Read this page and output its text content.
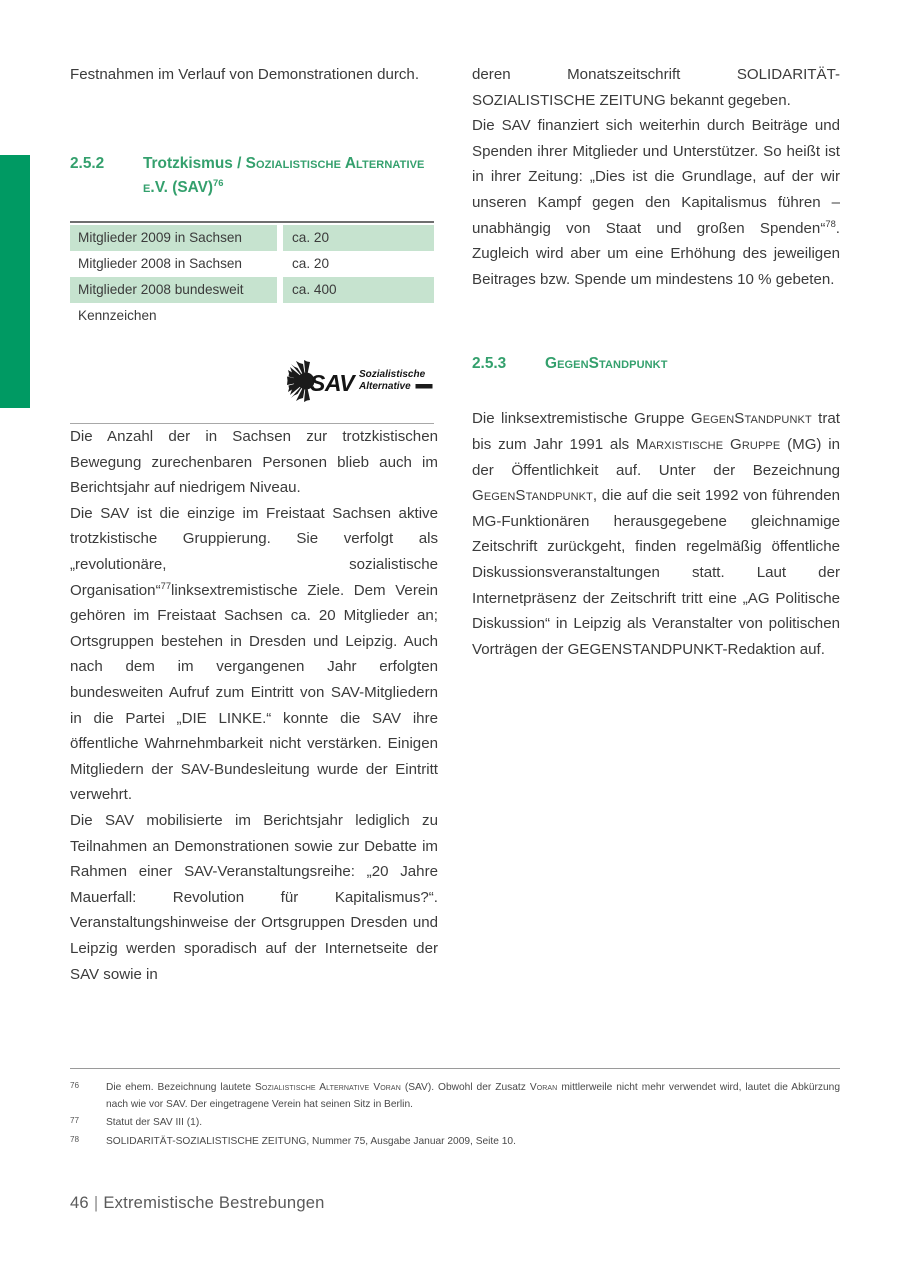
Festnahmen im Verlauf von Demonstrationen durch.

2.5.2	Trotzkismus / Sozialistische Alternative
e.V. (SAV)$^{76}$
Mitglieder 2009 in Sachsen	ca. 20
Mitglieder 2008 in Sachsen	ca. 20
Mitglieder 2008 bundesweit	ca. 400
Kennzeichen
SAV Sozialistische
Alternative

Die Anzahl der in Sachsen zur trotzkistischen Bewegung zurechenbaren Personen blieb auch im Berichtsjahr auf niedrigem Niveau.

Die SAV ist die einzige im Freistaat Sachsen aktive trotzkistische Gruppierung. Sie verfolgt als „revolutionäre, sozialistische Organisation“$^{77}$linksextremistische Ziele. Dem Verein gehören im Freistaat Sachsen ca. 20 Mitglieder an; Ortsgruppen bestehen in Dresden und Leipzig. Auch nach dem im vergangenen Jahr erfolgten bundesweiten Aufruf zum Eintritt von SAV-Mitgliedern in die Partei „DIE LINKE.“ konnte die SAV ihre öffentliche Wahrnehmbarkeit nicht verstärken. Einigen Mitgliedern der SAV-Bundesleitung wurde der Eintritt verwehrt.

Die SAV mobilisierte im Berichtsjahr lediglich zu Teilnahmen an Demonstrationen sowie zur Debatte im Rahmen einer SAV-Veranstaltungsreihe: „20 Jahre Mauerfall: Revolution für Kapitalismus?“. Veranstaltungshinweise der Ortsgruppen Dresden und Leipzig werden sporadisch auf der Internetseite der SAV sowie in

deren Monatszeitschrift SOLIDARITÄT-SOZIALISTISCHE ZEITUNG bekannt gegeben.

Die SAV finanziert sich weiterhin durch Beiträge und Spenden ihrer Mitglieder und Unterstützer. So heißt ist in ihrer Zeitung: „Dies ist die Grundlage, auf der wir unseren Kampf gegen den Kapitalismus führen – unabhängig von Staat und großen Spenden“$^{78}$. Zugleich wird aber um eine Erhöhung des jeweiligen Beitrages bzw. Spende um mindestens 10 % gebeten.

2.5.3	GegenStandpunkt

Die linksextremistische Gruppe GegenStandpunkt trat bis zum Jahr 1991 als Marxistische Gruppe (MG) in der Öffentlichkeit auf. Unter der Bezeichnung GegenStandpunkt, die auf die seit 1992 von führenden MG-Funktionären herausgegebene gleichnamige Zeitschrift zurückgeht, finden regelmäßig öffentliche Diskussionsveranstaltungen statt. Laut der Internetpräsenz der Zeitschrift tritt eine „AG Politische Diskussion“ in Leipzig als Veranstalter von politischen Vorträgen der GEGENSTANDPUNKT-Redaktion auf.

76	Die ehem. Bezeichnung lautete Sozialistische Alternative Voran (SAV). Obwohl der Zusatz Voran mittlerweile nicht mehr verwendet wird, lautet die Abkürzung nach wie vor SAV. Der eingetragene Verein hat seinen Sitz in Berlin.
77	Statut der SAV III (1).
78	SOLIDARITÄT-SOZIALISTISCHE ZEITUNG, Nummer 75, Ausgabe Januar 2009, Seite 10.
46 | Extremistische Bestrebungen
